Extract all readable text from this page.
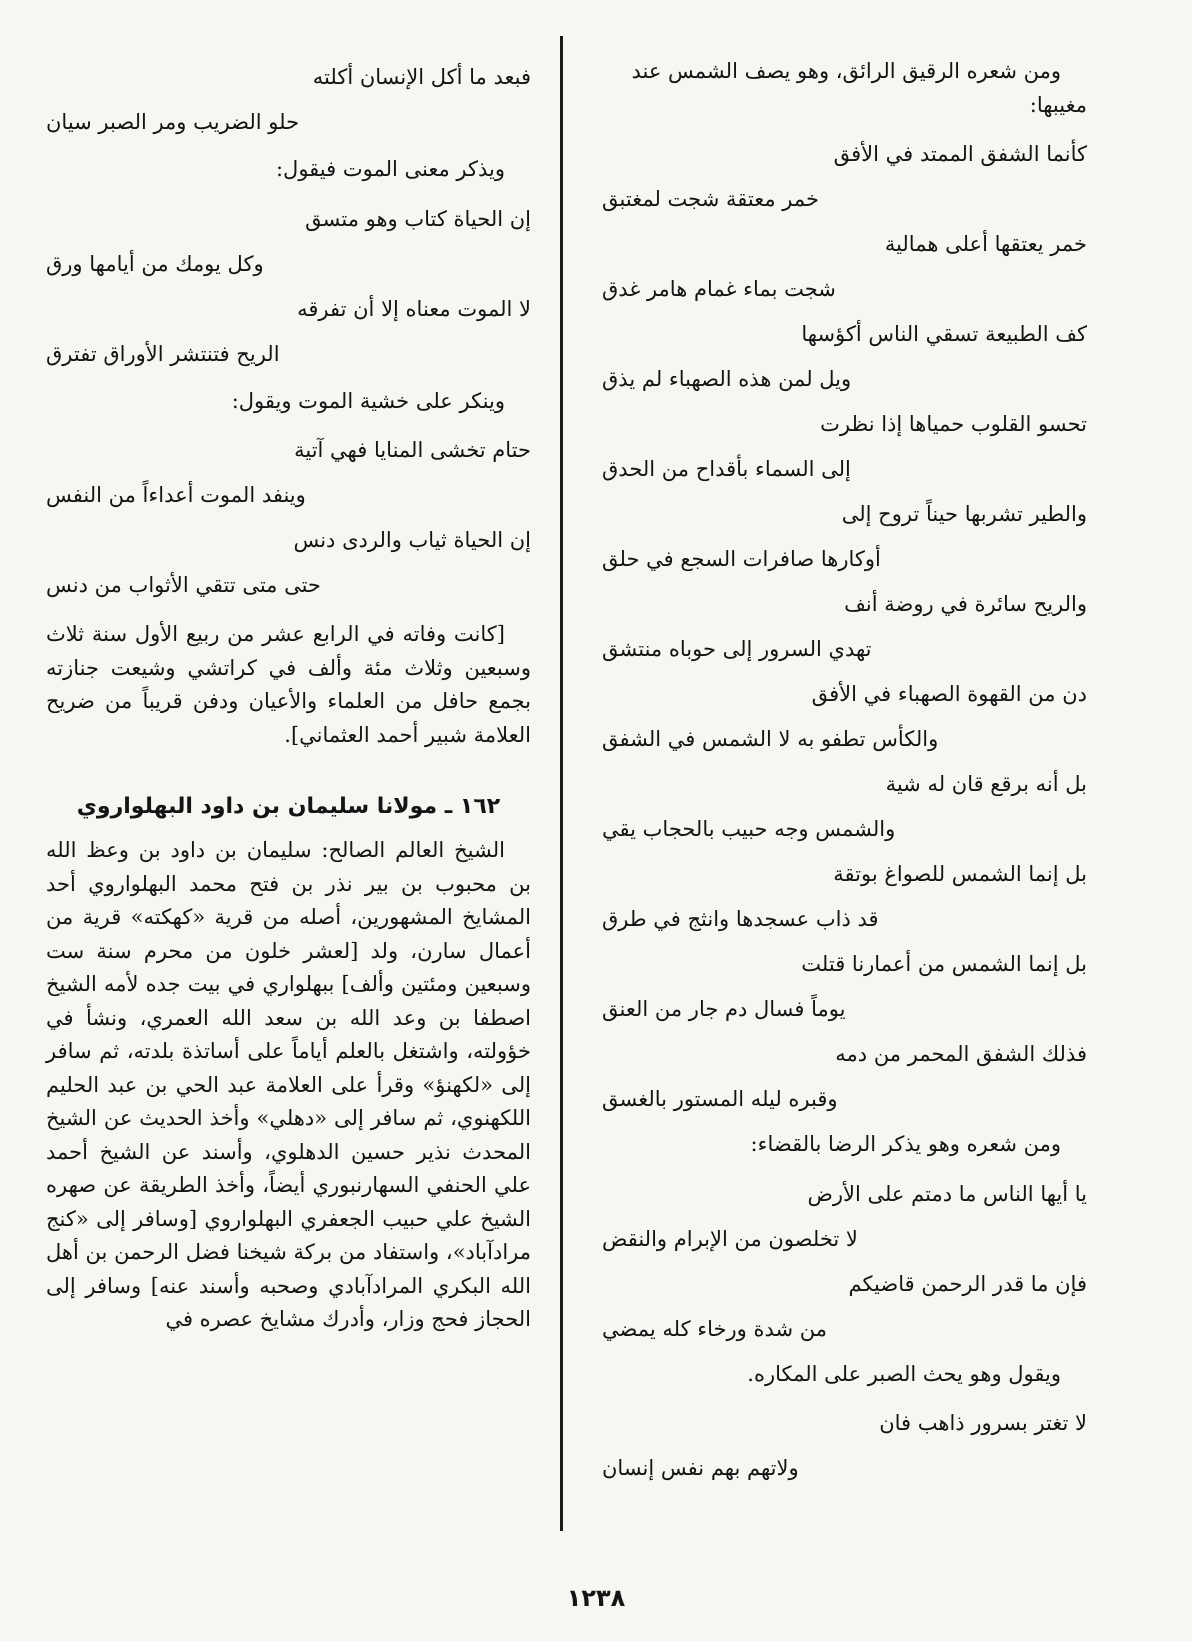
ومن شعره الرقيق الرائق، وهو يصف الشمس عند مغيبها:

كأنما الشفق الممتد في الأفق
خمر معتقة شجت لمغتبق
خمر يعتقها أعلى همالية
شجت بماء غمام هامر غدق
كف الطبيعة تسقي الناس أكؤسها
ويل لمن هذه الصهباء لم يذق
تحسو القلوب حمياها إذا نظرت
إلى السماء بأقداح من الحدق
والطير تشربها حيناً تروح إلى
أوكارها صافرات السجع في حلق
والريح سائرة في روضة أنف
تهدي السرور إلى حوباه منتشق
دن من القهوة الصهباء في الأفق
والكأس تطفو به لا الشمس في الشفق
بل أنه برقع قان له شية
والشمس وجه حبيب بالحجاب يقي
بل إنما الشمس للصواغ بوتقة
قد ذاب عسجدها وانثج في طرق
بل إنما الشمس من أعمارنا قتلت
يوماً فسال دم جار من العنق
فذلك الشفق المحمر من دمه
وقبره ليله المستور بالغسق

ومن شعره وهو يذكر الرضا بالقضاء:

يا أيها الناس ما دمتم على الأرض
لا تخلصون من الإبرام والنقض
فإن ما قدر الرحمن قاضيكم
من شدة ورخاء كله يمضي

ويقول وهو يحث الصبر على المكاره.

لا تغتر بسرور ذاهب فان
ولاتهم بهم نفس إنسان
فبعد ما أكل الإنسان أكلته
حلو الضريب ومر الصبر سيان

ويذكر معنى الموت فيقول:

إن الحياة كتاب وهو متسق
وكل يومك من أيامها ورق
لا الموت معناه إلا أن تفرقه
الريح فتنتشر الأوراق تفترق

وينكر على خشية الموت ويقول:

حتام تخشى المنايا فهي آتية
وينفد الموت أعداءاً من النفس
إن الحياة ثياب والردى دنس
حتى متى تتقي الأثواب من دنس

[كانت وفاته في الرابع عشر من ربيع الأول سنة ثلاث وسبعين وثلاث مئة وألف في كراتشي وشيعت جنازته بجمع حافل من العلماء والأعيان ودفن قريباً من ضريح العلامة شبير أحمد العثماني].

١٦٢ ـ مولانا سليمان بن داود البهلواروي

الشيخ العالم الصالح: سليمان بن داود بن وعظ الله بن محبوب بن بير نذر بن فتح محمد البهلواروي أحد المشايخ المشهورين، أصله من قرية «كهكته» قرية من أعمال سارن، ولد [لعشر خلون من محرم سنة ست وسبعين ومئتين وألف] ببهلواري في بيت جده لأمه الشيخ اصطفا بن وعد الله بن سعد الله العمري، ونشأ في خؤولته، واشتغل بالعلم أياماً على أساتذة بلدته، ثم سافر إلى «لكهنؤ» وقرأ على العلامة عبد الحي بن عبد الحليم اللكهنوي، ثم سافر إلى «دهلي» وأخذ الحديث عن الشيخ المحدث نذير حسين الدهلوي، وأسند عن الشيخ أحمد علي الحنفي السهارنبوري أيضاً، وأخذ الطريقة عن صهره الشيخ علي حبيب الجعفري البهلواروي [وسافر إلى «كنج مرادآباد»، واستفاد من بركة شيخنا فضل الرحمن بن أهل الله البكري المرادآبادي وصحبه وأسند عنه] وسافر إلى الحجاز فحج وزار، وأدرك مشايخ عصره في

١٢٣٨
